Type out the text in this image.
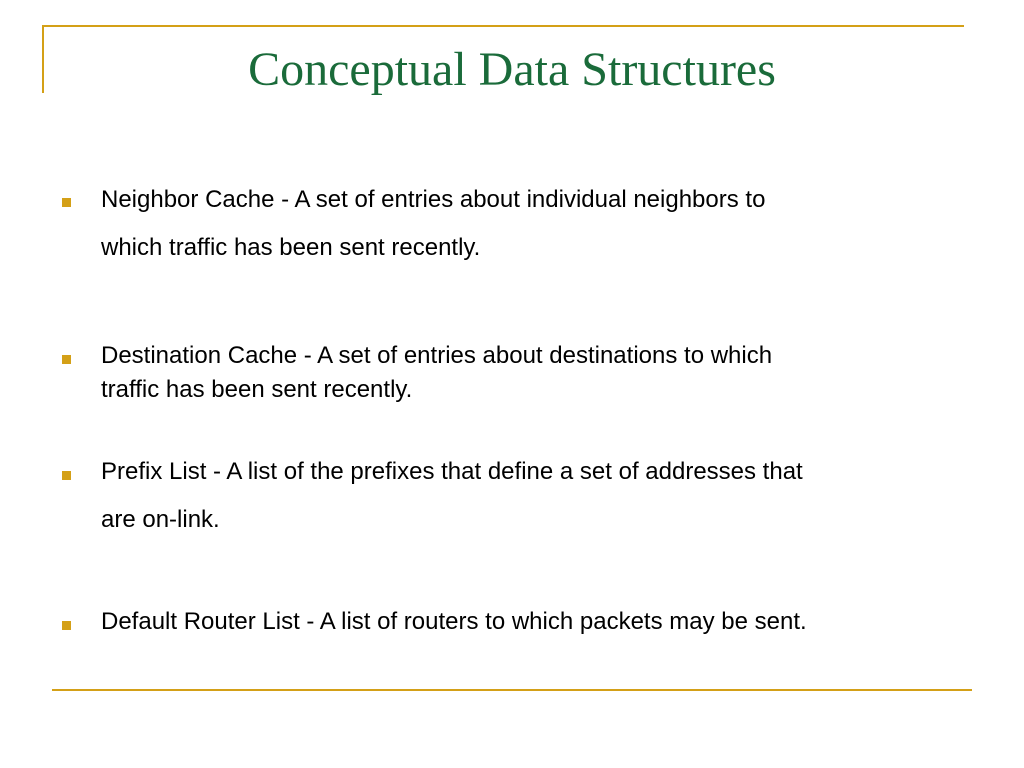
Conceptual Data Structures
Neighbor Cache - A set of entries about individual neighbors to
which traffic has been sent recently.
Destination Cache - A set of entries about destinations to which
traffic has been sent recently.
Prefix List - A list of the prefixes that define a set of addresses that
are on-link.
Default Router List - A list of routers to which packets may be sent.
